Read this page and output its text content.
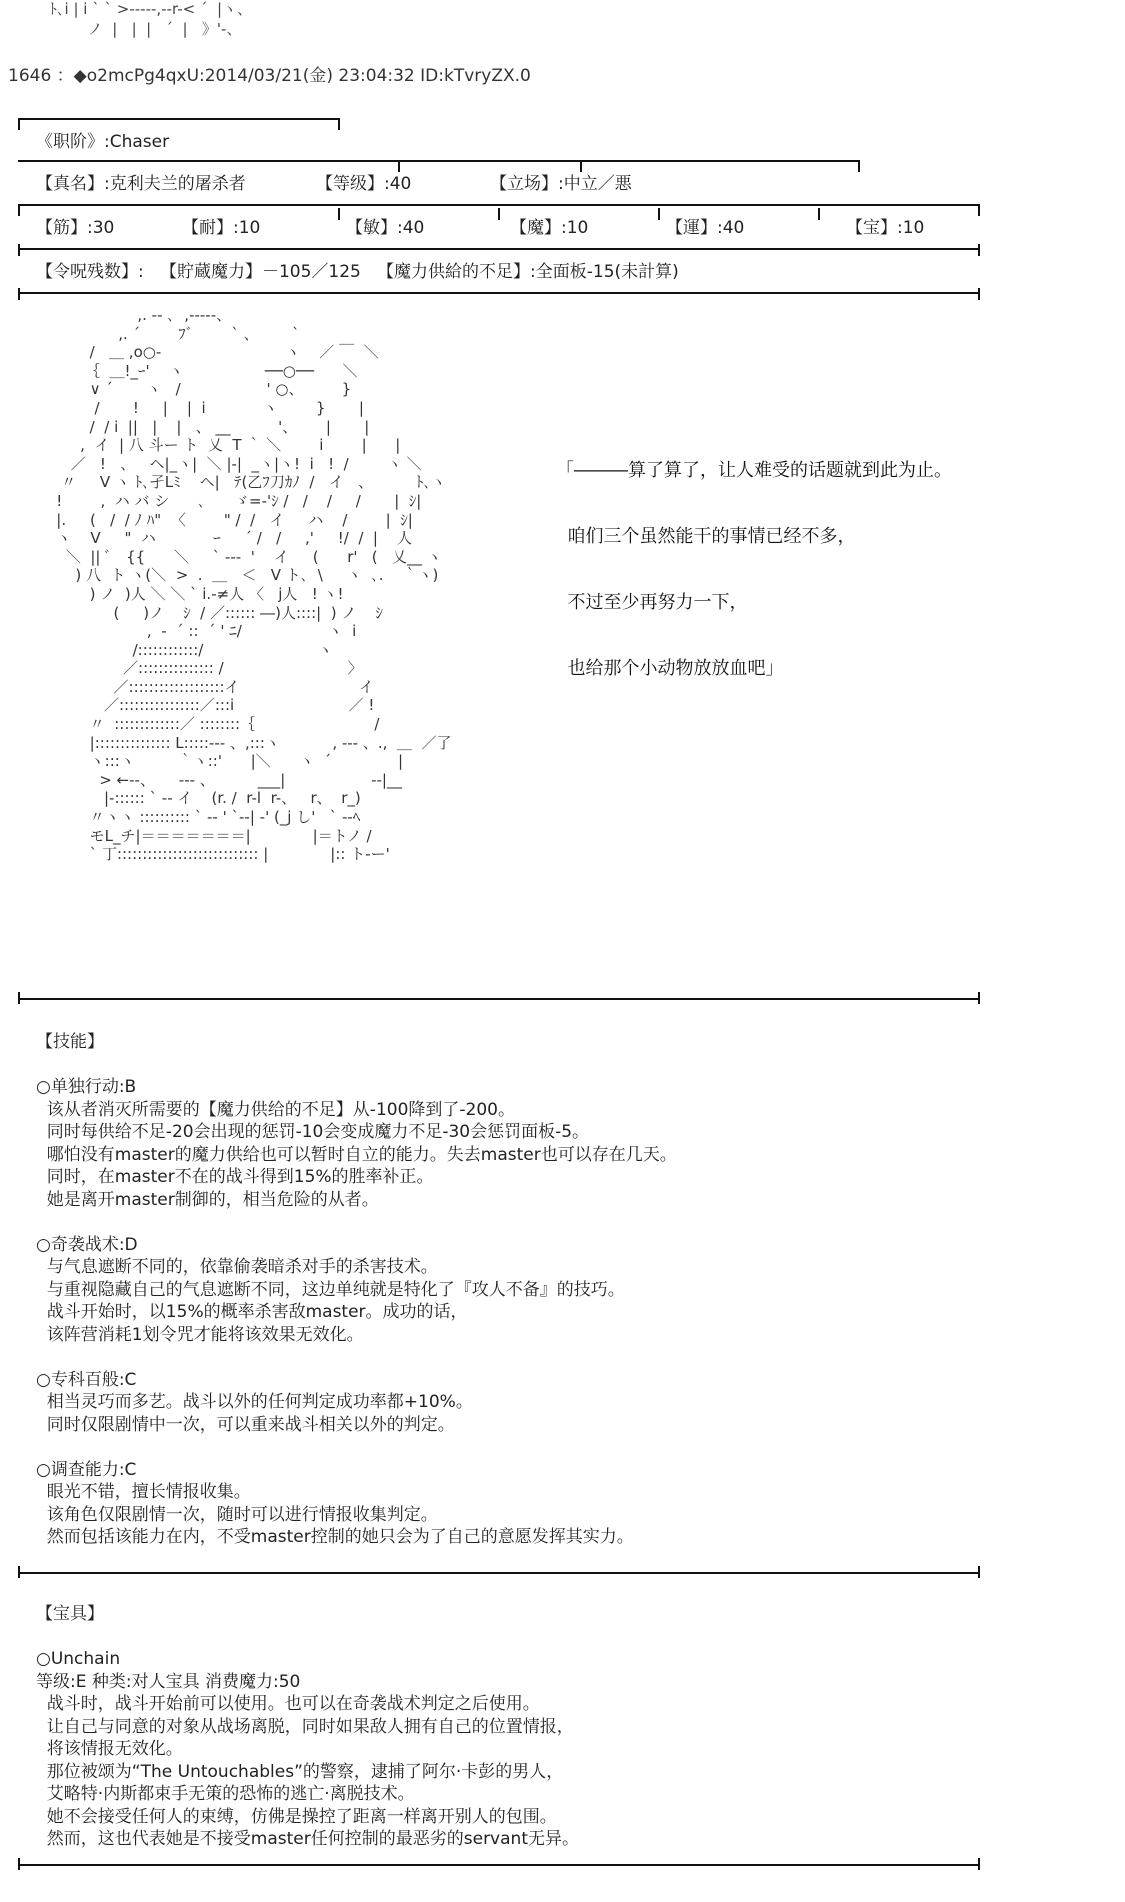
ﾄ､i | i ˋ ` >-----,--r-< ˊ  |ヽ、
ノ  |   |  |   ˊ  |   》'-、
1646 ：◆o2mcPg4qxU:2014/03/21(金) 23:04:32 ID:kTvryZX.0
《职阶》:Chaser
【真名】:克利夫兰的屠杀者	【等级】:40	【立场】:中立／悪
【筋】:30	【耐】:10	【敏】:40	【魔】:10	【運】:40	【宝】:10
【令呪残数】:   【貯蔵魔力】－105／125   【魔力供給的不足】:全面板-15(未計算)
,. -- ､  ,-----、
,. ´        ﾌﾞ        ` 、       `
/   ＿ ,o○-                          ヽ    ／ ￣  ＼
｛  ＿!_ｰ'    ヽ                 ──○──      ＼
∨ ´       ヽ   /                  ' ○、        }
/       !     |    |  i            ヽ        }       |
/  / i  ||   |    |   、 __          '、      |       |
,  イ  | 八 斗ー ト  乂  T ｀ ＼        i        |      |
／   !   、   ヘ|_ヽ|  ＼ |‐|  _ヽ|ヽ!  i   !  /        ヽ ＼
〃     V ヽ ﾄ､孑Lﾐ    ヘ|   ﾃ(乙ﾌ刀ｶﾉ  /   イ   、         ﾄ､ヽ
!        ,  ハ バ シ      ､      ゞ=‐'ｼ /   /    /     /       |  ｼ|
|.     (   /  / ﾉ ﾊ"  〈        " /  /   イ     ハ    /        |  ｼ|
ヽ    V     "  ハ            ｰ     ´ /   /     ,'     !/  /  |    人
＼  || ﾞ   {{      ＼     ` ‐--  '    イ     (      r'   (   乂__ ヽ
) 八  ト ヽ(＼  >  .  ＿   ＜   V ト､  \     ヽ  ､.    ｀ヽ)
) ノ  )人 ＼ ＼ ` i.-≠人 〈   j人   ! ヽ!
(     )ノ    ｼ  / ／:::::: ―)人::::|  ) ノ    ｼ
,  ‐  ´ ::  ´ ' ﾆ/                  ヽ  i
/::::::::::::/                        ヽ
／::::::::::::::: /                          〉
／:::::::::::::::::::イ                         イ
／::::::::::::::::／:::i                        ／ !
〃  :::::::::::::／ ::::::::｛                         /
|::::::::::::::: L:::::--- 、,:::ヽ           , --- 、.,  ＿  ／了
ヽ:::ヽ         ｀ヽ::'      |＼      ヽ  ´              |
> ←--、     --- 、         ___|                  --|__
|-:::::: ` ‐‐ イ    (r. /  r-l  r-、   r、  r_)
〃ヽヽ :::::::::: ` ‐‐ ' `-‐| ‐' (_j し'   ` ‐-ﾍ
モL_チ|＝＝＝＝＝＝＝|             |＝トノ /
` 丁:::::::::::::::::::::::::::: |             |:: ト-ー'

「―――算了算了，让人难受的话题就到此为止。

咱们三个虽然能干的事情已经不多，

不过至少再努力一下，

也给那个小动物放放血吧」

【技能】
○单独行动:B
该从者消灭所需要的【魔力供给的不足】从-100降到了-200。
同时每供给不足-20会出现的惩罚-10会变成魔力不足-30会惩罚面板-5。
哪怕没有master的魔力供给也可以暂时自立的能力。失去master也可以存在几天。
同时，在master不在的战斗得到15%的胜率补正。
她是离开master制御的，相当危险的从者。

○奇袭战术:D
与气息遮断不同的，依靠偷袭暗杀对手的杀害技术。
与重视隐藏自己的气息遮断不同，这边单纯就是特化了『攻人不备』的技巧。
战斗开始时，以15%的概率杀害敌master。成功的话，
该阵营消耗1划令咒才能将该效果无效化。

○专科百般:C
相当灵巧而多艺。战斗以外的任何判定成功率都+10%。
同时仅限剧情中一次，可以重来战斗相关以外的判定。

○调查能力:C
眼光不错，擅长情报收集。
该角色仅限剧情一次，随时可以进行情报收集判定。
然而包括该能力在内，不受master控制的她只会为了自己的意愿发挥其实力。
【宝具】
○Unchain
等级:E 种类:对人宝具 消费魔力:50
战斗时，战斗开始前可以使用。也可以在奇袭战术判定之后使用。
让自己与同意的对象从战场离脱，同时如果敌人拥有自己的位置情报，
将该情报无效化。
那位被颂为“The Untouchables”的警察，逮捕了阿尔·卡彭的男人，
艾略特·内斯都束手无策的恐怖的逃亡·离脱技术。
她不会接受任何人的束缚，仿佛是操控了距离一样离开别人的包围。
然而，这也代表她是不接受master任何控制的最恶劣的servant无异。
